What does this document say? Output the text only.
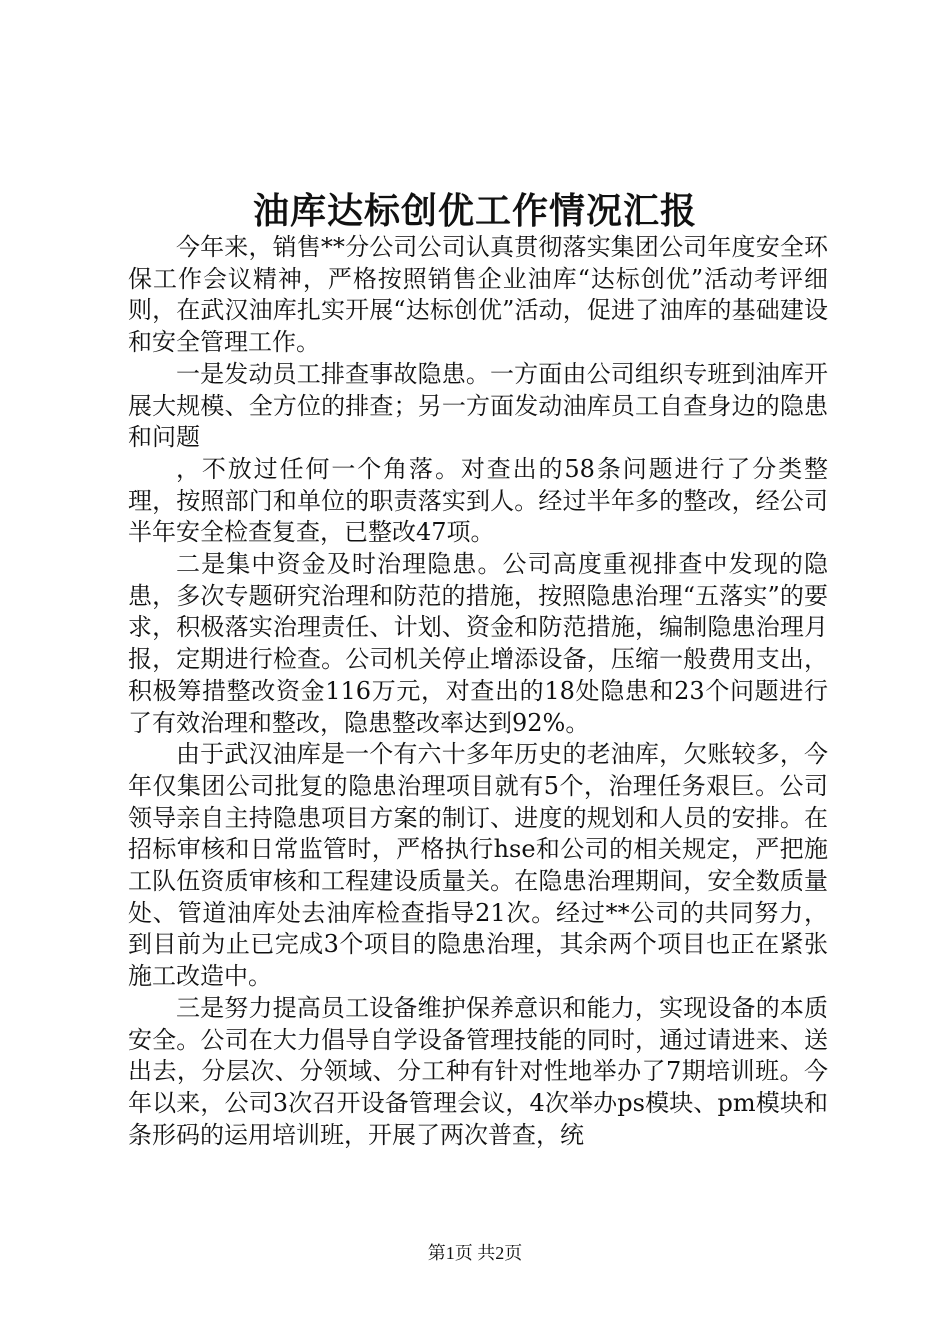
油库达标创优工作情况汇报

今年来，销售**分公司公司认真贯彻落实集团公司年度安全环保工作会议精神，严格按照销售企业油库“达标创优”活动考评细则，在武汉油库扎实开展“达标创优”活动，促进了油库的基础建设和安全管理工作。

一是发动员工排查事故隐患。一方面由公司组织专班到油库开展大规模、全方位的排查；另一方面发动油库员工自查身边的隐患和问题

，不放过任何一个角落。对查出的58条问题进行了分类整理，按照部门和单位的职责落实到人。经过半年多的整改，经公司半年安全检查复查，已整改47项。

二是集中资金及时治理隐患。公司高度重视排查中发现的隐患，多次专题研究治理和防范的措施，按照隐患治理“五落实”的要求，积极落实治理责任、计划、资金和防范措施，编制隐患治理月报，定期进行检查。公司机关停止增添设备，压缩一般费用支出，积极筹措整改资金116万元，对查出的18处隐患和23个问题进行了有效治理和整改，隐患整改率达到92%。

由于武汉油库是一个有六十多年历史的老油库，欠账较多，今年仅集团公司批复的隐患治理项目就有5个，治理任务艰巨。公司领导亲自主持隐患项目方案的制订、进度的规划和人员的安排。在招标审核和日常监管时，严格执行hse和公司的相关规定，严把施工队伍资质审核和工程建设质量关。在隐患治理期间，安全数质量处、管道油库处去油库检查指导21次。经过**公司的共同努力，到目前为止已完成3个项目的隐患治理，其余两个项目也正在紧张施工改造中。

三是努力提高员工设备维护保养意识和能力，实现设备的本质安全。公司在大力倡导自学设备管理技能的同时，通过请进来、送出去，分层次、分领域、分工种有针对性地举办了7期培训班。今年以来，公司3次召开设备管理会议，4次举办ps模块、pm模块和条形码的运用培训班，开展了两次普查，统

第1页 共2页
